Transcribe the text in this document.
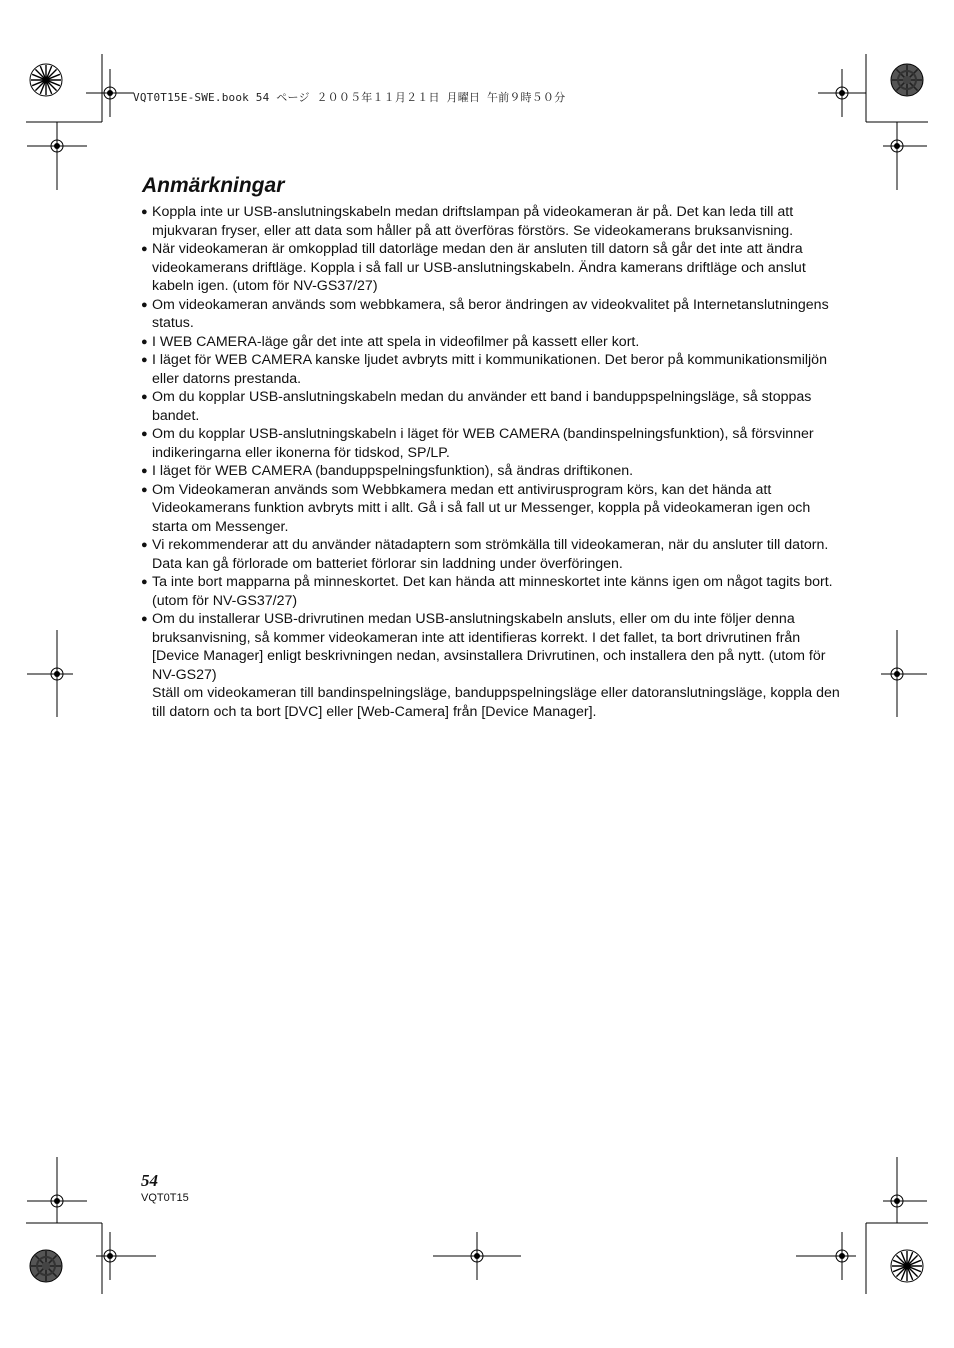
VQT0T15E-SWE.book 54 ページ ２００５年１１月２１日 月曜日 午前９時５０分
Anmärkningar
● Koppla inte ur USB-anslutningskabeln medan driftslampan på videokameran är på. Det kan leda till att mjukvaran fryser, eller att data som håller på att överföras förstörs. Se videokamerans bruksanvisning.
● När videokameran är omkopplad till datorläge medan den är ansluten till datorn så går det inte att ändra videokamerans driftläge. Koppla i så fall ur USB-anslutningskabeln. Ändra kamerans driftläge och anslut kabeln igen. (utom för NV-GS37/27)
● Om videokameran används som webbkamera, så beror ändringen av videokvalitet på Internetanslutningens status.
● I WEB CAMERA-läge går det inte att spela in videofilmer på kassett eller kort.
● I läget för WEB CAMERA kanske ljudet avbryts mitt i kommunikationen. Det beror på kommunikationsmiljön eller datorns prestanda.
● Om du kopplar USB-anslutningskabeln medan du använder ett band i banduppspelningsläge, så stoppas bandet.
● Om du kopplar USB-anslutningskabeln i läget för WEB CAMERA (bandinspelningsfunktion), så försvinner indikeringarna eller ikonerna för tidskod, SP/LP.
● I läget för WEB CAMERA (banduppspelningsfunktion), så ändras driftikonen.
● Om Videokameran används som Webbkamera medan ett antivirusprogram körs, kan det hända att Videokamerans funktion avbryts mitt i allt. Gå i så fall ut ur Messenger, koppla på videokameran igen och starta om Messenger.
● Vi rekommenderar att du använder nätadaptern som strömkälla till videokameran, när du ansluter till datorn. Data kan gå förlorade om batteriet förlorar sin laddning under överföringen.
● Ta inte bort mapparna på minneskortet. Det kan hända att minneskortet inte känns igen om något tagits bort. (utom för NV-GS37/27)
● Om du installerar USB-drivrutinen medan USB-anslutningskabeln ansluts, eller om du inte följer denna bruksanvisning, så kommer videokameran inte att identifieras korrekt. I det fallet, ta bort drivrutinen från [Device Manager] enligt beskrivningen nedan, avsinstallera Drivrutinen, och installera den på nytt. (utom för NV-GS27)
Ställ om videokameran till bandinspelningsläge, banduppspelningsläge eller datoranslutningsläge, koppla den till datorn och ta bort [DVC] eller [Web-Camera] från [Device Manager].
54
VQT0T15
